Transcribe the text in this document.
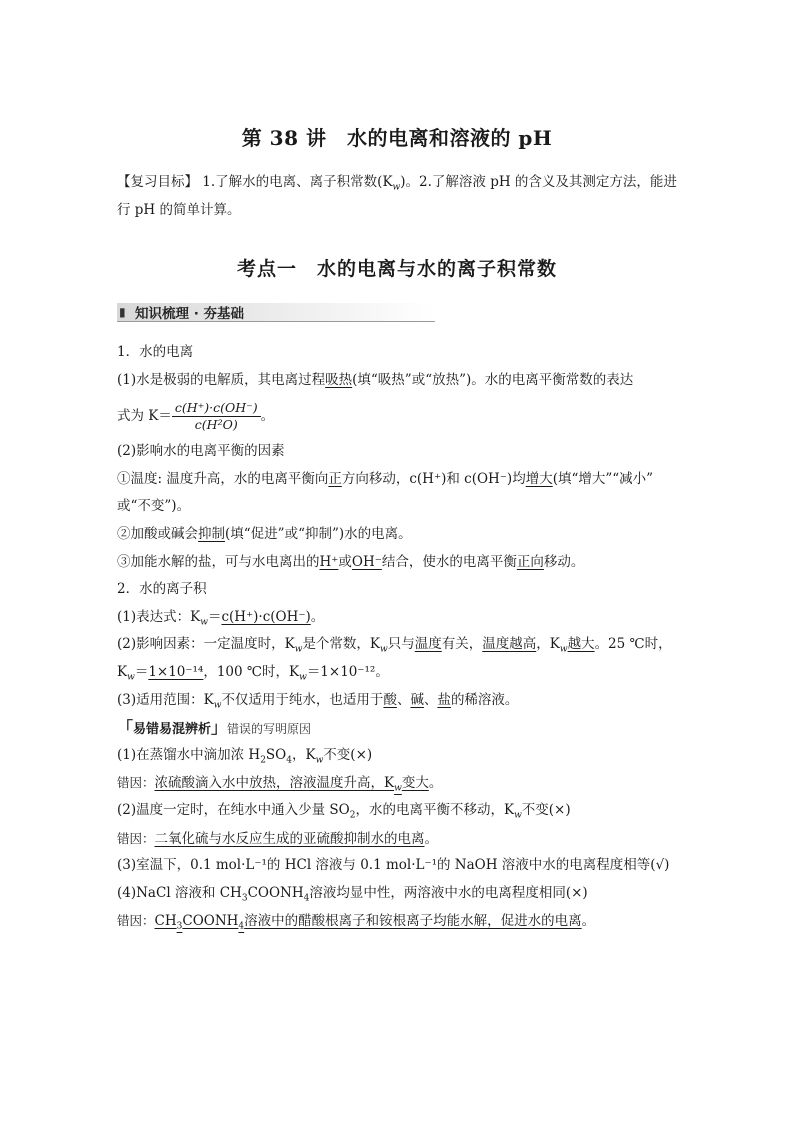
第 38 讲　水的电离和溶液的 pH
【复习目标】 1.了解水的电离、离子积常数$(K_w)$。2.了解溶液 pH 的含义及其测定方法，能进
行 pH 的简单计算。
考点一　水的电离与水的离子积常数
▮ 知识梳理 · 夯基础
1．水的电离
(1)水是极弱的电解质，其电离过程吸热(填“吸热”或“放热”)。水的电离平衡常数的表达
式为 $K= \frac{c(H^+)\cdot c(OH^-)}{\text{c(H²O)}}$ 。
(2)影响水的电离平衡的因素
①温度: 温度升高，水的电离平衡向正方向移动，c(H⁺)和 c(OH⁻)均增大(填“增大”“减小”
或“不变”)。
②加酸或碱会抑制(填“促进”或“抑制”)水的电离。
③加能水解的盐，可与水电离出的H⁺或OH⁻结合，使水的电离平衡正向移动。
2．水的离子积
(1)表达式：$K_w=c(H^+)\cdot c(OH^-)$。
(2)影响因素：一定温度时，$K_w$是个常数，$K_w$只与温度有关，温度越高，$K_w$越大。25 ℃时，
$K_w=1\times 10^{-14}$，100 ℃时，$K_w=1\times 10^{-12}$。
(3)适用范围：$K_w$不仅适用于纯水，也适用于酸、碱、盐的稀溶液。
「易错易混辨析」错误的写明原因
(1)在蒸馏水中滴加浓 $H_2SO_4$，$K_w$不变(×)
错因：浓硫酸滴入水中放热，溶液温度升高，$K_w$变大。
(2)温度一定时，在纯水中通入少量 $SO_2$，水的电离平衡不移动，$K_w$不变(×)
错因：二氧化硫与水反应生成的亚硫酸抑制水的电离。
(3)室温下，0.1 mol·L⁻¹的 HCl 溶液与 0.1 mol·L⁻¹的 NaOH 溶液中水的电离程度相等(√)
(4)NaCl 溶液和 $CH_3COONH_4$溶液均显中性，两溶液中水的电离程度相同(×)
错因：$CH_3COONH_4$溶液中的醋酸根离子和铵根离子均能水解，促进水的电离。
